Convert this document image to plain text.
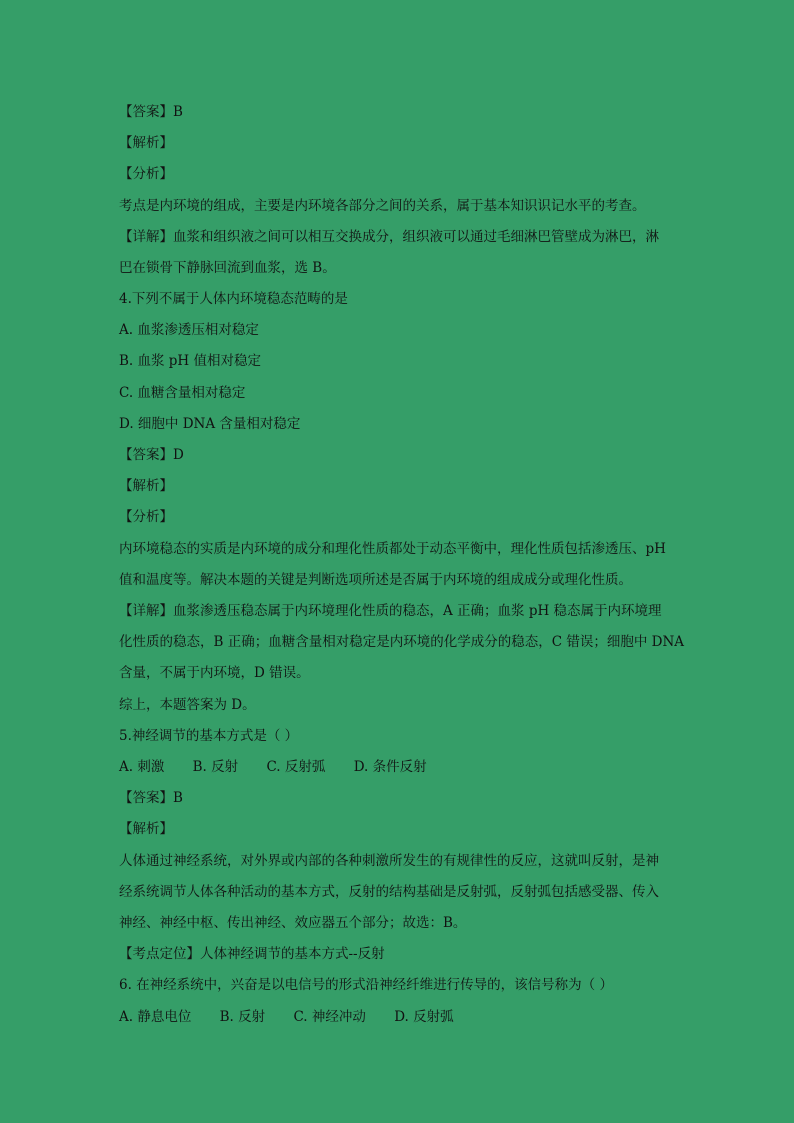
【答案】B
【解析】
【分析】
考点是内环境的组成，主要是内环境各部分之间的关系，属于基本知识识记水平的考查。
【详解】血浆和组织液之间可以相互交换成分，组织液可以通过毛细淋巴管壁成为淋巴，淋
巴在锁骨下静脉回流到血浆，选 B。
4.下列不属于人体内环境稳态范畴的是
A. 血浆渗透压相对稳定
B. 血浆 pH 值相对稳定
C. 血糖含量相对稳定
D. 细胞中 DNA 含量相对稳定
【答案】D
【解析】
【分析】
内环境稳态的实质是内环境的成分和理化性质都处于动态平衡中，理化性质包括渗透压、pH
值和温度等。解决本题的关键是判断选项所述是否属于内环境的组成成分或理化性质。
【详解】血浆渗透压稳态属于内环境理化性质的稳态，A 正确；血浆 pH 稳态属于内环境理
化性质的稳态，B 正确；血糖含量相对稳定是内环境的化学成分的稳态，C 错误；细胞中 DNA
含量，不属于内环境，D 错误。
综上，本题答案为 D。
5.神经调节的基本方式是（ ）
A. 刺激 B. 反射 C. 反射弧 D. 条件反射
【答案】B
【解析】
人体通过神经系统，对外界或内部的各种刺激所发生的有规律性的反应，这就叫反射，是神
经系统调节人体各种活动的基本方式，反射的结构基础是反射弧，反射弧包括感受器、传入
神经、神经中枢、传出神经、效应器五个部分；故选：B。
【考点定位】人体神经调节的基本方式--反射
6. 在神经系统中，兴奋是以电信号的形式沿神经纤维进行传导的，该信号称为（ ）
A. 静息电位 B. 反射 C. 神经冲动 D. 反射弧
